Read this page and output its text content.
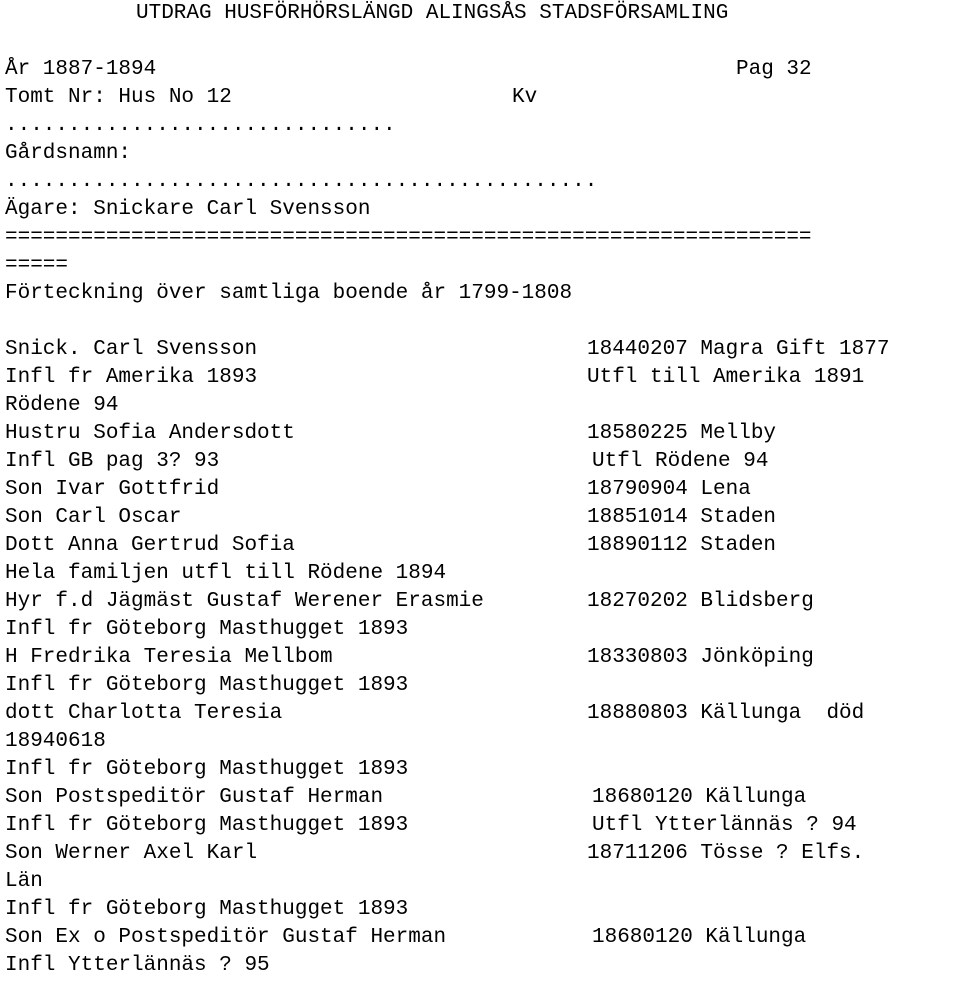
UTDRAG HUSFÖRHÖRSLÄNGD ALINGSÅS STADSFÖRSAMLING
År 1887-1894	Pag 32
Tomt Nr: Hus No 12	Kv
...............................
Gårdsnamn:
...............................................
Ägare: Snickare Carl Svensson
================================================================
=====
Förteckning över samtliga boende år 1799-1808
Snick. Carl Svensson	18440207 Magra Gift 1877
Infl fr Amerika 1893	Utfl till Amerika 1891
Rödene 94
Hustru Sofia Andersdott	18580225 Mellby
Infl GB pag 3? 93	Utfl Rödene 94
Son Ivar Gottfrid	18790904 Lena
Son Carl Oscar	18851014 Staden
Dott Anna Gertrud Sofia	18890112 Staden
Hela familjen utfl till Rödene 1894
Hyr f.d Jägmäst Gustaf Werener Erasmie	18270202 Blidsberg
Infl fr Göteborg Masthugget 1893
H Fredrika Teresia Mellbom	18330803 Jönköping
Infl fr Göteborg Masthugget 1893
dott Charlotta Teresia	18880803 Källunga  död
18940618
Infl fr Göteborg Masthugget 1893
Son Postspeditör Gustaf Herman	18680120 Källunga
Infl fr Göteborg Masthugget 1893	Utfl Ytterlännäs ? 94
Son Werner Axel Karl	18711206 Tösse ? Elfs.
Län
Infl fr Göteborg Masthugget 1893
Son Ex o Postspeditör Gustaf Herman	18680120 Källunga
Infl Ytterlännäs ? 95
